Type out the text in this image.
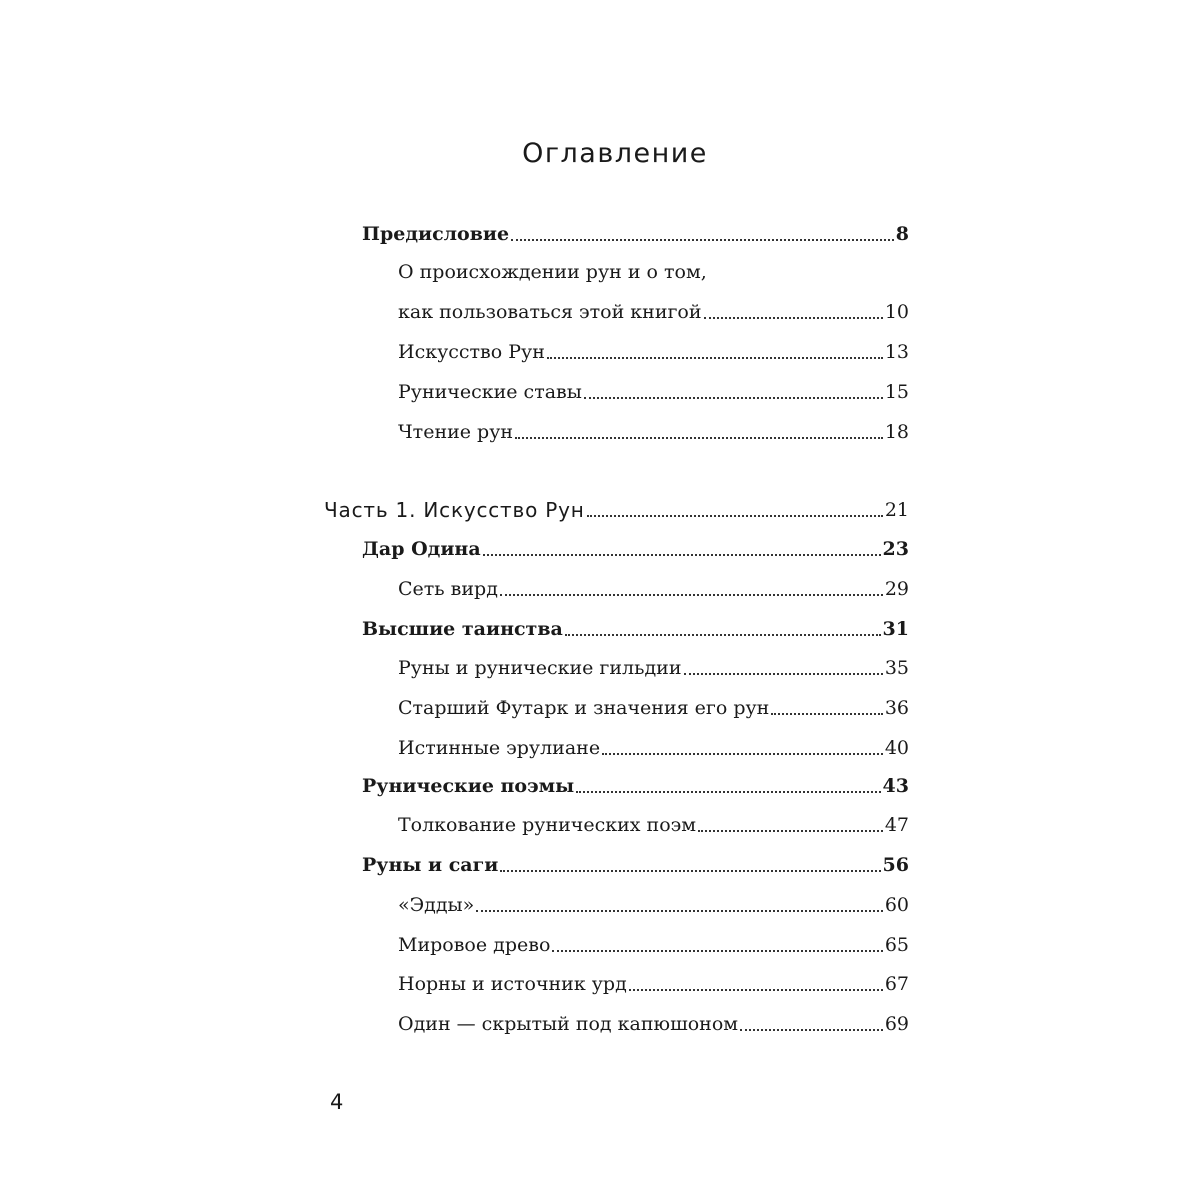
Оглавление
Предисловие	8
О происхождении рун и о том,
как пользоваться этой книгой	10
Искусство Рун	13
Рунические ставы	15
Чтение рун	18
Часть 1. Искусство Рун	21
Дар Одина	23
Сеть вирд	29
Высшие таинства	31
Руны и рунические гильдии	35
Старший Футарк и значения его рун	36
Истинные эрулиане	40
Рунические поэмы	43
Толкование рунических поэм	47
Руны и саги	56
«Эдды»	60
Мировое древо	65
Норны и источник урд	67
Один — скрытый под капюшоном	69
4
